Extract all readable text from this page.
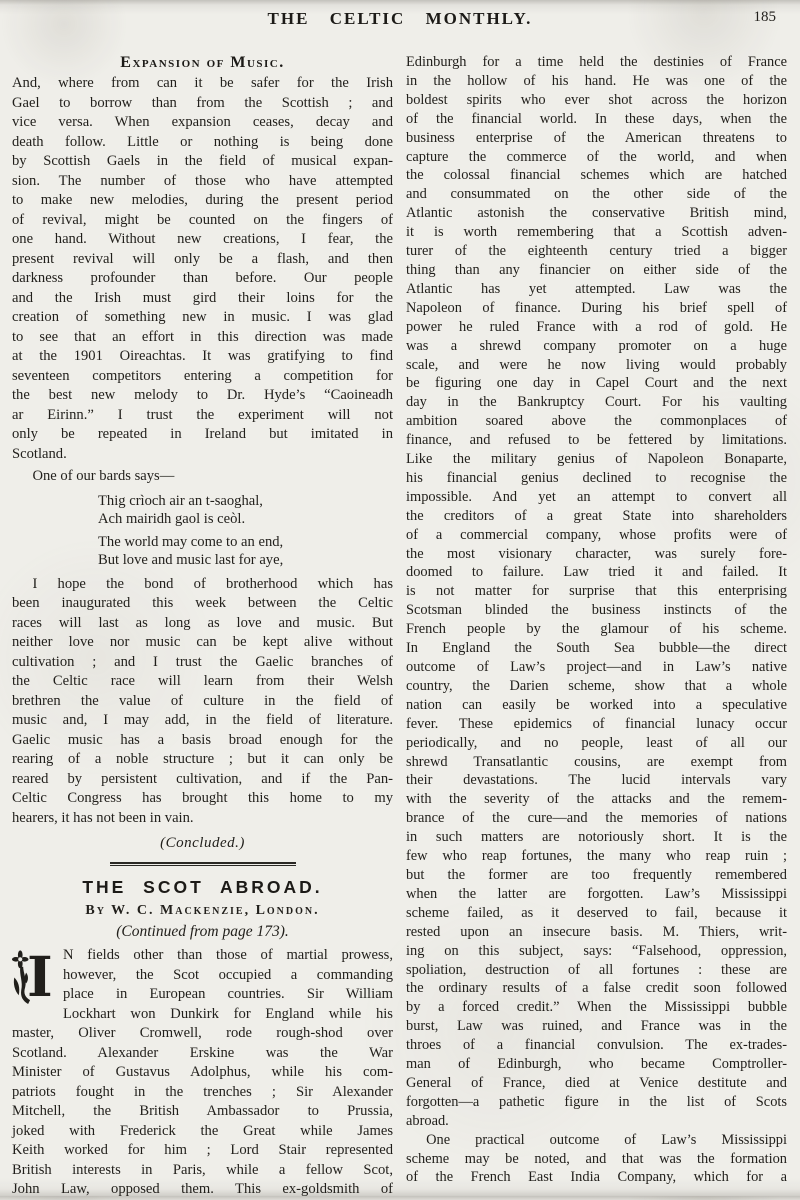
THE CELTIC MONTHLY.	185
Expansion of Music.
And, where from can it be safer for the Irish
Gael to borrow than from the Scottish ; and
vice versa. When expansion ceases, decay and
death follow. Little or nothing is being done
by Scottish Gaels in the field of musical expan-
sion. The number of those who have attempted
to make new melodies, during the present period
of revival, might be counted on the fingers of
one hand. Without new creations, I fear, the
present revival will only be a flash, and then
darkness profounder than before. Our people
and the Irish must gird their loins for the
creation of something new in music. I was glad
to see that an effort in this direction was made
at the 1901 Oireachtas. It was gratifying to find
seventeen competitors entering a competition for
the best new melody to Dr. Hyde’s “Caoineadh
ar Eirinn.” I trust the experiment will not
only be repeated in Ireland but imitated in
Scotland.
One of our bards says—
Thig crìoch air an t-saoghal,
Ach mairidh gaol is ceòl.
The world may come to an end,
But love and music last for aye,
I hope the bond of brotherhood which has
been inaugurated this week between the Celtic
races will last as long as love and music. But
neither love nor music can be kept alive without
cultivation ; and I trust the Gaelic branches of
the Celtic race will learn from their Welsh
brethren the value of culture in the field of
music and, I may add, in the field of literature.
Gaelic music has a basis broad enough for the
rearing of a noble structure ; but it can only be
reared by persistent cultivation, and if the Pan-
Celtic Congress has brought this home to my
hearers, it has not been in vain.
(Concluded.)
THE SCOT ABROAD.
By W. C. Mackenzie, London.
(Continued from page 173).
I N fields other than those of martial prowess,
however, the Scot occupied a commanding
place in European countries. Sir William
Lockhart won Dunkirk for England while his
master, Oliver Cromwell, rode rough-shod over
Scotland. Alexander Erskine was the War
Minister of Gustavus Adolphus, while his com-
patriots fought in the trenches ; Sir Alexander
Mitchell, the British Ambassador to Prussia,
joked with Frederick the Great while James
Keith worked for him ; Lord Stair represented
British interests in Paris, while a fellow Scot,
John Law, opposed them. This ex-goldsmith of
Edinburgh for a time held the destinies of France
in the hollow of his hand. He was one of the
boldest spirits who ever shot across the horizon
of the financial world. In these days, when the
business enterprise of the American threatens to
capture the commerce of the world, and when
the colossal financial schemes which are hatched
and consummated on the other side of the
Atlantic astonish the conservative British mind,
it is worth remembering that a Scottish adven-
turer of the eighteenth century tried a bigger
thing than any financier on either side of the
Atlantic has yet attempted. Law was the
Napoleon of finance. During his brief spell of
power he ruled France with a rod of gold. He
was a shrewd company promoter on a huge
scale, and were he now living would probably
be figuring one day in Capel Court and the next
day in the Bankruptcy Court. For his vaulting
ambition soared above the commonplaces of
finance, and refused to be fettered by limitations.
Like the military genius of Napoleon Bonaparte,
his financial genius declined to recognise the
impossible. And yet an attempt to convert all
the creditors of a great State into shareholders
of a commercial company, whose profits were of
the most visionary character, was surely fore-
doomed to failure. Law tried it and failed. It
is not matter for surprise that this enterprising
Scotsman blinded the business instincts of the
French people by the glamour of his scheme.
In England the South Sea bubble—the direct
outcome of Law’s project—and in Law’s native
country, the Darien scheme, show that a whole
nation can easily be worked into a speculative
fever. These epidemics of financial lunacy occur
periodically, and no people, least of all our
shrewd Transatlantic cousins, are exempt from
their devastations. The lucid intervals vary
with the severity of the attacks and the remem-
brance of the cure—and the memories of nations
in such matters are notoriously short. It is the
few who reap fortunes, the many who reap ruin ;
but the former are too frequently remembered
when the latter are forgotten. Law’s Mississippi
scheme failed, as it deserved to fail, because it
rested upon an insecure basis. M. Thiers, writ-
ing on this subject, says: “Falsehood, oppression,
spoliation, destruction of all fortunes : these are
the ordinary results of a false credit soon followed
by a forced credit.” When the Mississippi bubble
burst, Law was ruined, and France was in the
throes of a financial convulsion. The ex-trades-
man of Edinburgh, who became Comptroller-
General of France, died at Venice destitute and
forgotten—a pathetic figure in the list of Scots
abroad.
One practical outcome of Law’s Mississippi
scheme may be noted, and that was the formation
of the French East India Company, which for a
